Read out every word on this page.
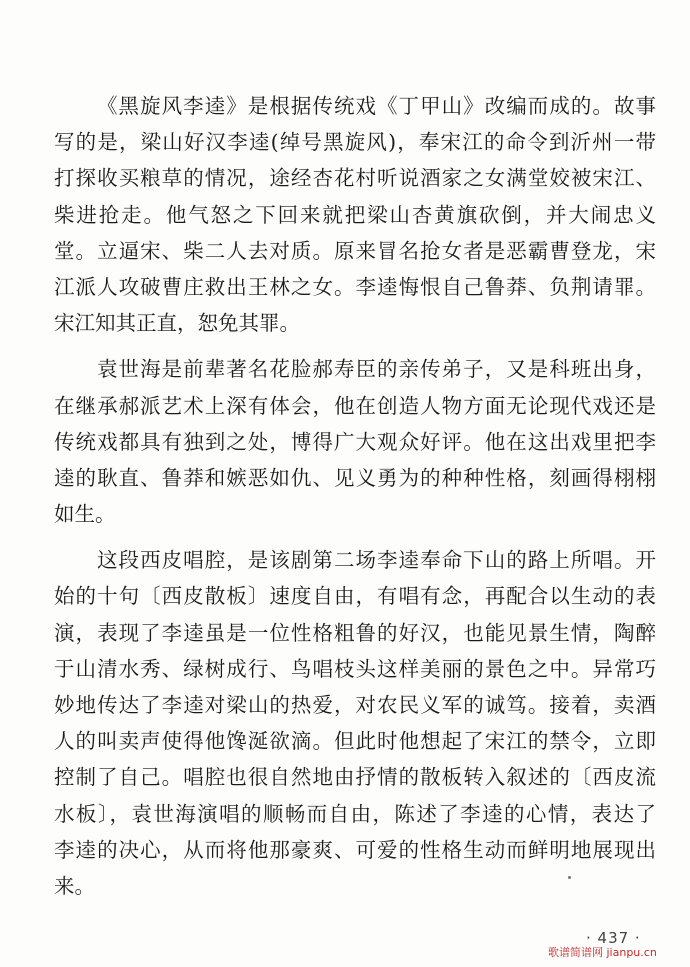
《黑旋风李逵》是根据传统戏《丁甲山》改编而成的。故事
写的是，梁山好汉李逵(绰号黑旋风)，奉宋江的命令到沂州一带
打探收买粮草的情况，途经杏花村听说酒家之女满堂姣被宋江、
柴进抢走。他气怒之下回来就把梁山杏黄旗砍倒，并大闹忠义
堂。立逼宋、柴二人去对质。原来冒名抢女者是恶霸曹登龙，宋
江派人攻破曹庄救出王林之女。李逵悔恨自己鲁莽、负荆请罪。
宋江知其正直，恕免其罪。
袁世海是前辈著名花脸郝寿臣的亲传弟子，又是科班出身，
在继承郝派艺术上深有体会，他在创造人物方面无论现代戏还是
传统戏都具有独到之处，博得广大观众好评。他在这出戏里把李
逵的耿直、鲁莽和嫉恶如仇、见义勇为的种种性格，刻画得栩栩
如生。
这段西皮唱腔，是该剧第二场李逵奉命下山的路上所唱。开
始的十句〔西皮散板〕速度自由，有唱有念，再配合以生动的表
演，表现了李逵虽是一位性格粗鲁的好汉，也能见景生情，陶醉
于山清水秀、绿树成行、鸟唱枝头这样美丽的景色之中。异常巧
妙地传达了李逵对梁山的热爱，对农民义军的诚笃。接着，卖酒
人的叫卖声使得他馋涎欲滴。但此时他想起了宋江的禁令，立即
控制了自己。唱腔也很自然地由抒情的散板转入叙述的〔西皮流
水板〕，袁世海演唱的顺畅而自由，陈述了李逵的心情，表达了
李逵的决心，从而将他那豪爽、可爱的性格生动而鲜明地展现出
来。
· 437 ·
歌谱简谱网 jianpu.cn
